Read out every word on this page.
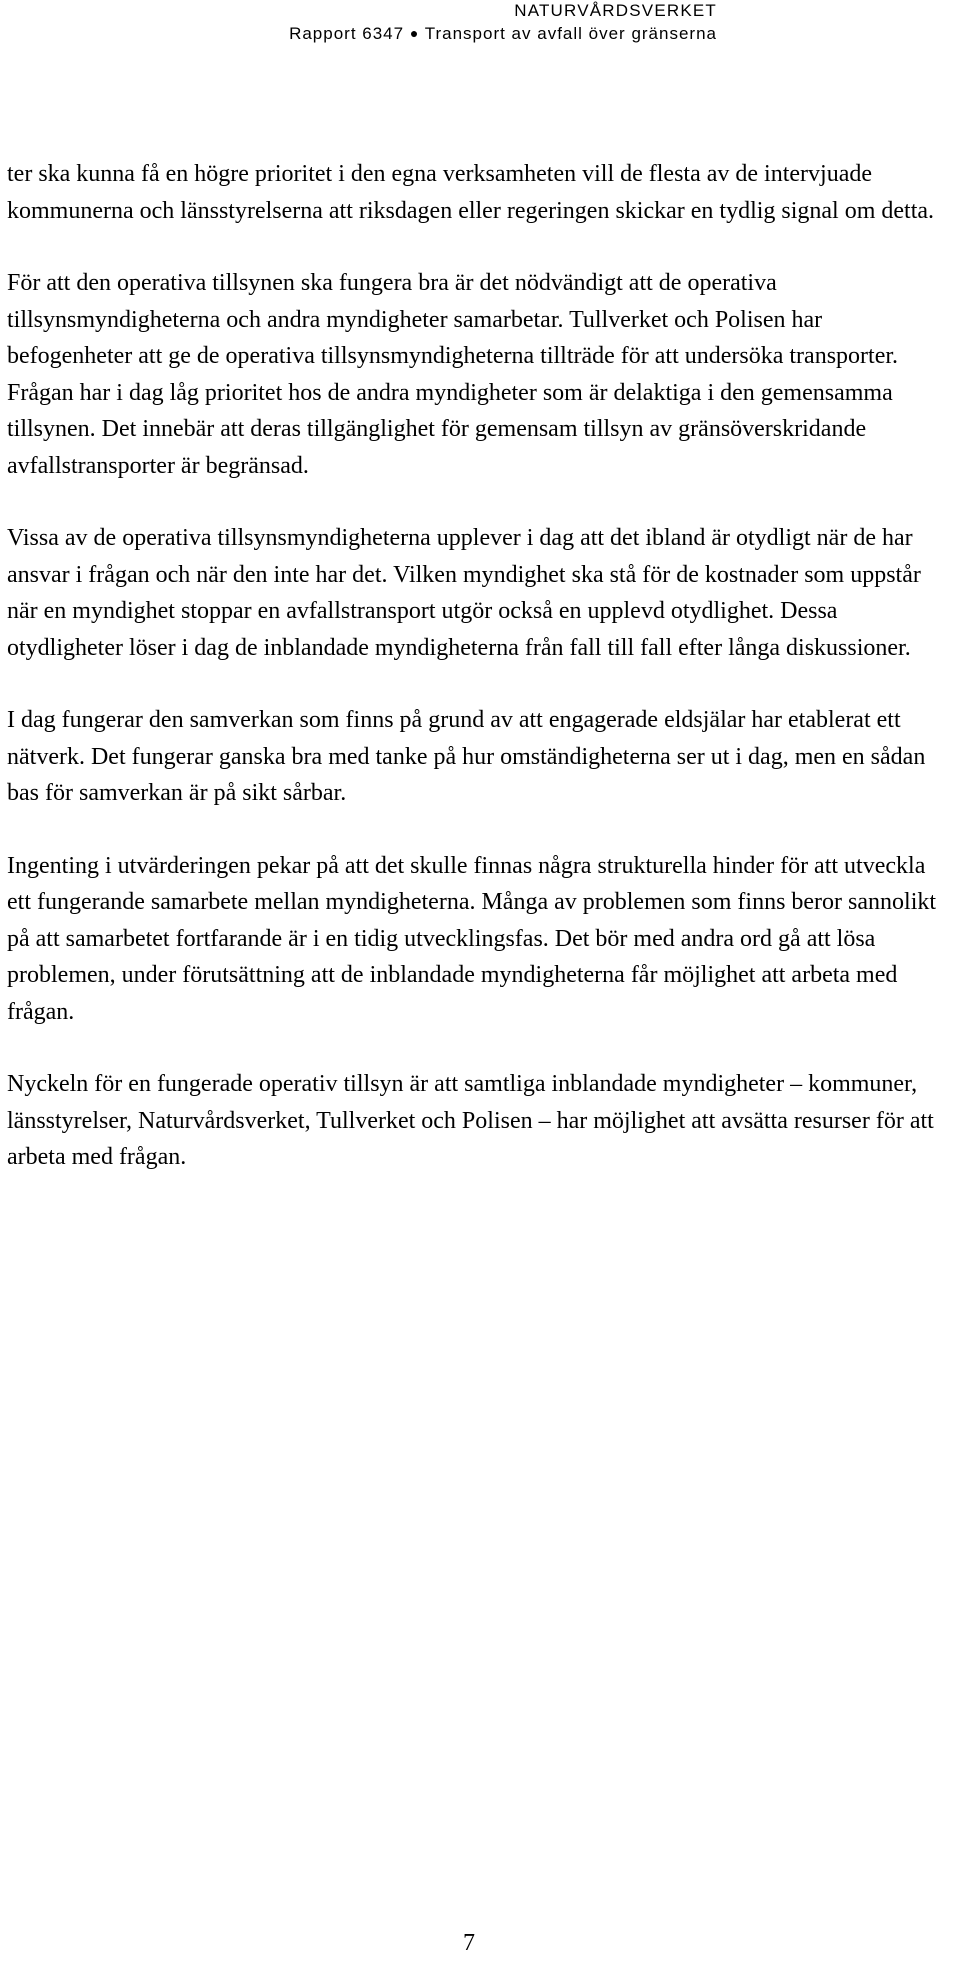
NATURVÅRDSVERKET
Rapport 6347 ● Transport av avfall över gränserna

ter ska kunna få en högre prioritet i den egna verksamheten vill de flesta av de intervjuade kommunerna och länsstyrelserna att riksdagen eller regeringen skickar en tydlig signal om detta.

För att den operativa tillsynen ska fungera bra är det nödvändigt att de operativa tillsynsmyndigheterna och andra myndigheter samarbetar. Tullverket och Polisen har befogenheter att ge de operativa tillsynsmyndigheterna tillträde för att undersöka transporter. Frågan har i dag låg prioritet hos de andra myndigheter som är delaktiga i den gemensamma tillsynen. Det innebär att deras tillgänglighet för gemensam tillsyn av gränsöverskridande avfallstransporter är begränsad.

Vissa av de operativa tillsynsmyndigheterna upplever i dag att det ibland är otydligt när de har ansvar i frågan och när den inte har det. Vilken myndighet ska stå för de kostnader som uppstår när en myndighet stoppar en avfallstransport utgör också en upplevd otydlighet. Dessa otydligheter löser i dag de inblandade myndigheterna från fall till fall efter långa diskussioner.

I dag fungerar den samverkan som finns på grund av att engagerade eldsjälar har etablerat ett nätverk. Det fungerar ganska bra med tanke på hur omständigheterna ser ut i dag, men en sådan bas för samverkan är på sikt sårbar.

Ingenting i utvärderingen pekar på att det skulle finnas några strukturella hinder för att utveckla ett fungerande samarbete mellan myndigheterna. Många av problemen som finns beror sannolikt på att samarbetet fortfarande är i en tidig utvecklingsfas. Det bör med andra ord gå att lösa problemen, under förutsättning att de inblandade myndigheterna får möjlighet att arbeta med frågan.

Nyckeln för en fungerade operativ tillsyn är att samtliga inblandade myndigheter – kommuner, länsstyrelser, Naturvårdsverket, Tullverket och Polisen – har möjlighet att avsätta resurser för att arbeta med frågan.

7
